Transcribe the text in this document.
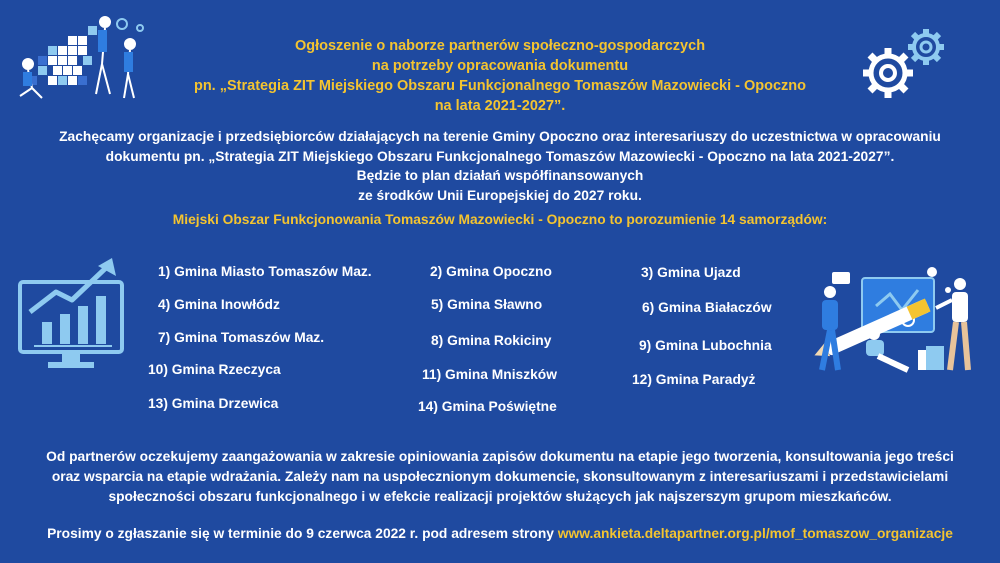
Ogłoszenie o naborze partnerów społeczno-gospodarczych
na potrzeby opracowania dokumentu
pn. „Strategia ZIT Miejskiego Obszaru Funkcjonalnego Tomaszów Mazowiecki - Opoczno
na lata 2021-2027”.
Zachęcamy organizacje i przedsiębiorców działających na terenie Gminy Opoczno oraz interesariuszy do uczestnictwa w opracowaniu
dokumentu pn. „Strategia ZIT Miejskiego Obszaru Funkcjonalnego Tomaszów Mazowiecki - Opoczno na lata 2021-2027”.
Będzie to plan działań współfinansowanych
ze środków Unii Europejskiej do 2027 roku.
Miejski Obszar Funkcjonowania Tomaszów Mazowiecki - Opoczno to porozumienie 14 samorządów:
1) Gmina Miasto Tomaszów Maz.	2) Gmina Opoczno	3) Gmina Ujazd
4) Gmina Inowłódz	5) Gmina Sławno	6) Gmina Białaczów
7) Gmina Tomaszów Maz.	8) Gmina Rokiciny	9) Gmina Lubochnia
10) Gmina Rzeczyca	11) Gmina Mniszków	12) Gmina Paradyż
13) Gmina Drzewica	14) Gmina Poświętne
Od partnerów oczekujemy zaangażowania w zakresie opiniowania zapisów dokumentu na etapie jego tworzenia, konsultowania jego treści
oraz wsparcia na etapie wdrażania. Zależy nam na uspołecznionym dokumencie, skonsultowanym z interesariuszami i przedstawicielami
społeczności obszaru funkcjonalnego i w efekcie realizacji projektów służących jak najszerszym grupom mieszkańców.
Prosimy o zgłaszanie się w terminie do 9 czerwca 2022 r. pod adresem strony www.ankieta.deltapartner.org.pl/mof_tomaszow_organizacje
